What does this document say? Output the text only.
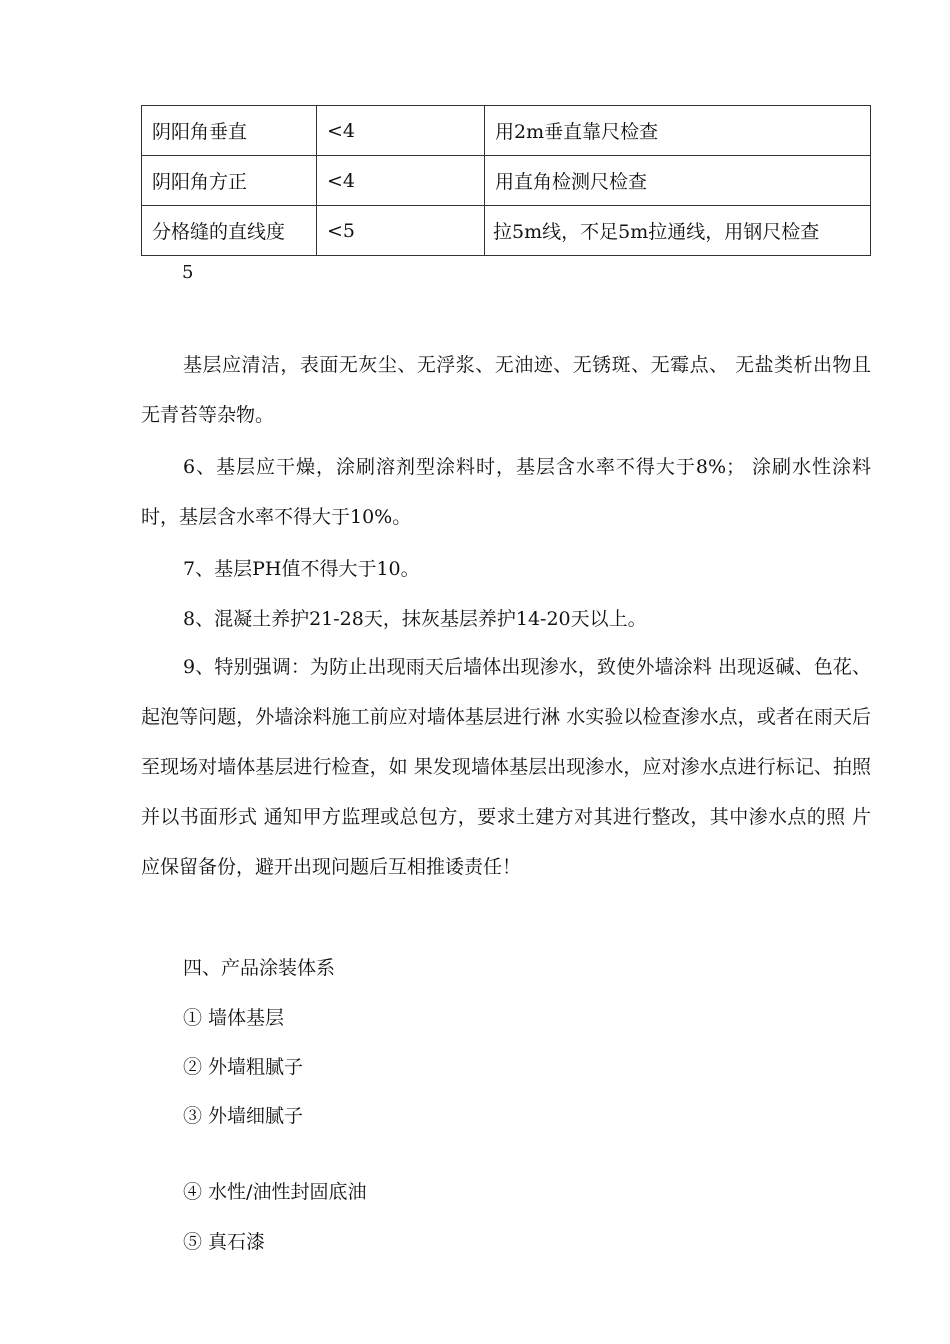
阴阳角垂直	<4	用2m垂直靠尺检查
阴阳角方正	<4	用直角检测尺检查
分格缝的直线度	<5	拉5m线，不足5m拉通线，用钢尺检查
5

基层应清洁，表面无灰尘、无浮浆、无油迹、无锈斑、无霉点、 无盐类析出物且无青苔等杂物。

6、基层应干燥，涂刷溶剂型涂料时，基层含水率不得大于8%； 涂刷水性涂料时，基层含水率不得大于10%。

7、基层PH值不得大于10。

8、混凝土养护21-28天，抹灰基层养护14-20天以上。

9、特别强调：为防止出现雨天后墙体出现渗水，致使外墙涂料 出现返碱、色花、起泡等问题，外墙涂料施工前应对墙体基层进行淋 水实验以检查渗水点，或者在雨天后至现场对墙体基层进行检查，如 果发现墙体基层出现渗水，应对渗水点进行标记、拍照并以书面形式 通知甲方监理或总包方，要求土建方对其进行整改，其中渗水点的照 片应保留备份，避开出现问题后互相推诿责任！

四、产品涂装体系

① 墙体基层

② 外墙粗腻子

③ 外墙细腻子

④ 水性/油性封固底油

⑤ 真石漆
